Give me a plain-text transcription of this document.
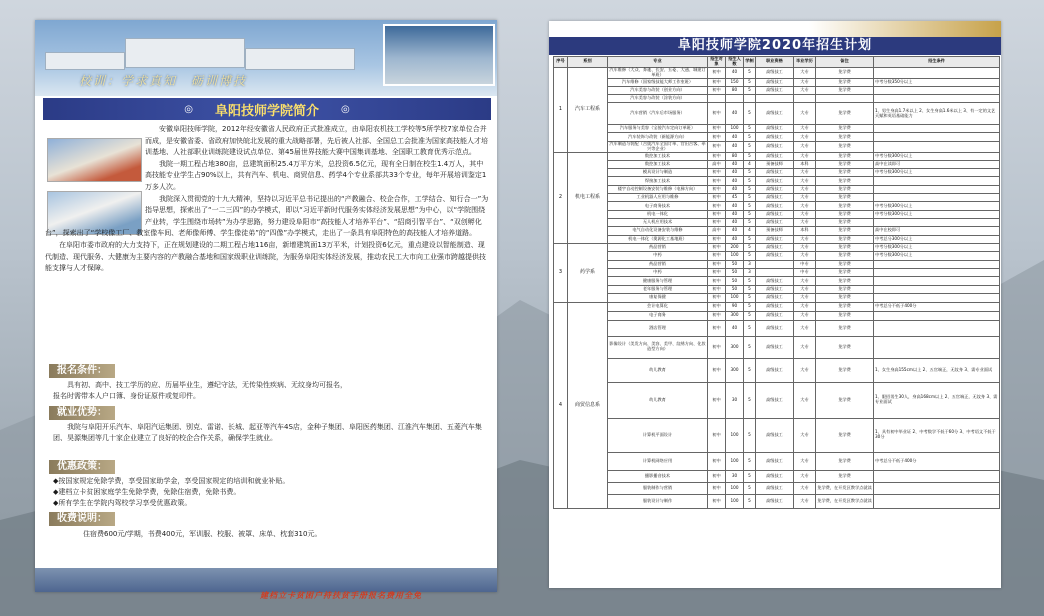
校训：学求真知　砺训博技
◎ 阜阳技师学院简介 ◎

安徽阜阳技师学院，2012年经安徽省人民政府正式批准成立，由阜阳农机技工学校等5所学校7家单位合并而成，是安徽省委、省政府加快皖北发展的重大战略部署，先后被人社部、全国总工会批准为国家高技能人才培训基地、人社部职业训练院建设试点单位、第45届世界技能大赛中国集训基地、全国职工教育优秀示范点。

我院一期工程占地380亩，总建筑面积25.4万平方米，总投资6.5亿元，现有全日制在校生1.4万人，其中高技能专业学生占90%以上，共有汽车、机电、商贸信息、药学4个专业系部共33个专业，每年开展培训鉴定1万多人次。

我院深入贯彻党的十九大精神，坚持以习近平总书记提出的“产教融合、校企合作，工学结合、知行合一”为指导思想，探索出了“一二三四”的办学模式，即以“习近平新时代服务实体经济发展思想”为中心，以“学院围绕产业转，学生围绕市场转”为办学思路，努力建设阜阳市“高技能人才培养平台”、“招商引智平台”、“双创孵化台”，探索出了“学校像工厂、教室像车间、老师像师傅、学生像徒弟”的“四像”办学模式，走出了一条具有阜阳特色的高技能人才培养道路。

在阜阳市委市政府的大力支持下，正在规划建设的二期工程占地116亩，新增建筑面13万平米，计划投资6亿元，重点建设以智能制造、现代制造、现代服务、大健康为主要内容的产教融合基地和国家级职业训练院，为服务阜阳实体经济发展，推动农民工大市向工业强市跨越提供技能支撑与人才保障。

报名条件：
具有初、高中、技工学历的应、历届毕业生，遵纪守法，无传染性疾病、无纹身均可报名，
报名时需带本人户口簿、身份证原件或复印件。
就业优势：
我院与阜阳开乐汽车、阜阳汽运集团、别克、雷诺、长城、起亚等汽车4S店，金种子集团、阜阳医药集团、江淮汽车集团、五菱汽车集团、昊源集团等几十家企业建立了良好的校企合作关系，确保学生就业。
优惠政策：
◆按国家规定免除学费，享受国家助学金，享受国家规定的培训和就业补贴。
◆建档立卡贫困家庭学生免除学费，免除住宿费，免除书费。
◆所有学生在学院内驾校学习享受优惠政策。
收费说明：
住宿费600元/学期，书费400元，军训服、校服、被罩、床单、枕套310元。
建档立卡贫困户持扶贫手册报名费用全免
阜阳技师学院2020年招生计划
序号	系别	专业	招生对象	招生人数	学制	职业资格	毕业学历	备注	招生条件
1	汽车工程系	汽车维修（大众、奔驰、长安、五菱、大通、城建订单班）	初中	40	5	高级技工	大专	免学费	
		汽车维修（国家级技能大师工作室班）	初中	150	5	高级技工	大专	免学费	中考分数350分以上
		汽车美容与改装（创业方向）	初中	80	5	高级技工	大专	免学费	
		汽车美容与改装（涂装方向）							
		汽车营销（汽车后市场服务）	初中	40	5	高级技工	大专	免学费	1、男生身高1.7米以上 2、女生身高1.6米以上 3、有一定的文艺天赋和英语基础能力
		汽车服务与美容（宝骏汽车定向订单班）	初中	100	5	高级技工	大专	免学费	
		汽车装饰与改装（新能源方向）	初中	40	5	高级技工	大专	免学费	
		汽车制造与装配（吉奥汽车全国订单、官田吉客、牵兴等企业）	初中	40	5	高级技工	大专	免学费	
2	机电工程系	数控加工技术	初中	80	5	高级技工	大专	免学费	中考分数300分以上
		数控加工技术	高中	40	4	预备技师	本科	免学费	高中在读即可
		模具设计与制造	初中	40	5	高级技工	大专	免学费	中考分数300分以上
		焊接加工技术	初中	40	5	高级技工	大专	免学费	
		楼宇自动控制设备安装与维修（电梯方向）	初中	40	5	高级技工	大专	免学费	
		工业机器人应用与维修	初中	45	5	高级技工	大专	免学费	
		电子商务技术	初中	40	5	高级技工	大专	免学费	中考分数300分以上
		机电一体化	初中	40	5	高级技工	大专	免学费	中考分数300分以上
		无人机应用技术	初中	40	5	高级技工	大专	免学费	
		电气自动化设备安装与维修	高中	40	4	预备技师	本科	免学费	高中在校即可
		机电一体化（奥源化工基地班）	初中	40	5	高级技工	大专	免学费	中考总分300分以上
3	药学系	药品营销	初中	200	5	高级技工	大专	免学费	中考分数300分以上
		中药	初中	100	5	高级技工	大专	免学费	中考分数300分以上
		药品营销	初中	50	3		中专	免学费	
		中药	初中	50	3		中专	免学费	
		健康服务与管理	初中	50	5	高级技工	大专	免学费	
		老年服务与管理	初中	50	5	高级技工	大专	免学费	
		康复保健	初中	100	5	高级技工	大专	免学费	
4	商贸信息系	会计电算化	初中	90	5	高级技工	大专	免学费	中考总分不低于400分
		电子商务	初中	300	5	高级技工	大专	免学费	
		酒店管理	初中	40	5	高级技工	大专	免学费	
		影像设计（美发方向、美容、美甲、纹绣方向、化妆造型方向）	初中	300	5	高级技工	大专	免学费	
		幼儿教育	初中	300	5	高级技工	大专	免学费	1、女生身高155cm以上 2、五官端正，无纹身 3、需专业面试
		幼儿教育	初中	30	5	高级技工	大专	免学费	1、限招男生30人，身高168cm以上 2、五官端正，无纹身 3、需专业面试
		计算机平面设计	初中	100	5	高级技工	大专	免学费	1、具有初中毕业证 2、中考数学不低于60分 3、中考语文不低于30分
		计算机网络应用	初中	100	5	高级技工	大专	免学费	中考总分不低于400分
		播影播音技术	初中	30	5	高级技工	大专	免学费	
		服装制作与营销	初中	100	5	高级技工	大专	免学费，在开发区教学点就读	
		服装设计与制作	初中	100	5	高级技工	大专	免学费，在开发区教学点就读	
